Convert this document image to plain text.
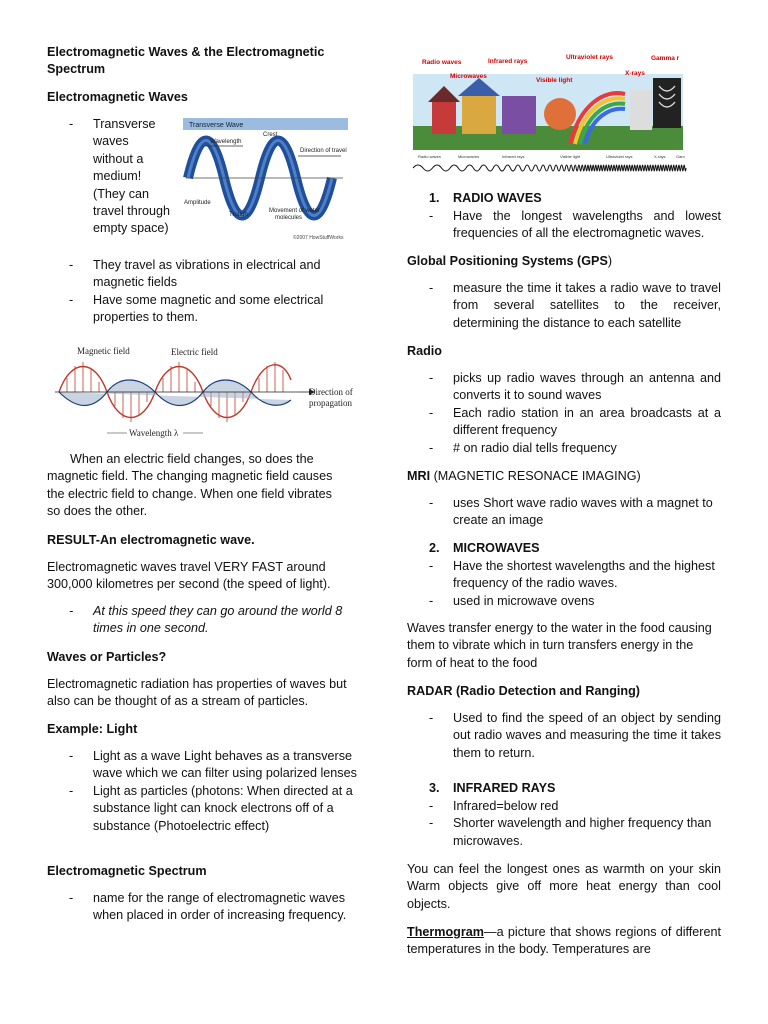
Electromagnetic Waves & the Electromagnetic Spectrum

Electromagnetic Waves

- Transverse waves without a medium! (They can travel through empty space)
- They travel as vibrations in electrical and magnetic fields
- Have some magnetic and some electrical properties to them.

When an electric field changes, so does the magnetic field. The changing magnetic field causes the electric field to change. When one field vibrates so does the other.

RESULT-An electromagnetic wave.

Electromagnetic waves travel VERY FAST around 300,000 kilometres per second (the speed of light).

- At this speed they can go around the world 8 times in one second.

Waves or Particles?

Electromagnetic radiation has properties of waves but also can be thought of as a stream of particles.

Example: Light

- Light as a wave Light behaves as a transverse wave which we can filter using polarized lenses
- Light as particles (photons: When directed at a substance light can knock electrons off of a substance (Photoelectric effect)

Electromagnetic Spectrum

- name for the range of electromagnetic waves when placed in order of increasing frequency.
Transverse Wave
Wavelength
Crest
Direction of travel
Amplitude
Trough
Movement of water
molecules
©2007 HowStuffWorks
Magnetic field	Electric field
Direction of
propagation
Wavelength λ
Radio waves	Infrared rays
Ultraviolet rays	Gamma r
Microwaves
Visible light
X-rays
Radio waves	Microwaves	Infrared rays	Visible light	Ultraviolet rays	X-rays	Gam
1. RADIO WAVES
- Have the longest wavelengths and lowest frequencies of all the electromagnetic waves.

Global Positioning Systems (GPS)

- measure the time it takes a radio wave to travel from several satellites to the receiver, determining the distance to each satellite

Radio

- picks up radio waves through an antenna and converts it to sound waves
- Each radio station in an area broadcasts at a different frequency
- # on radio dial tells frequency

MRI (MAGNETIC RESONACE IMAGING)

- uses Short wave radio waves with a magnet to create an image
2. MICROWAVES
- Have the shortest wavelengths and the highest frequency of the radio waves.
- used in microwave ovens

Waves transfer energy to the water in the food causing them to vibrate which in turn transfers energy in the form of heat to the food

RADAR (Radio Detection and Ranging)

- Used to find the speed of an object by sending out radio waves and measuring the time it takes them to return.
3. INFRARED RAYS
- Infrared=below red
- Shorter wavelength and higher frequency than microwaves.

You can feel the longest ones as warmth on your skin Warm objects give off more heat energy than cool objects.

Thermogram—a picture that shows regions of different temperatures in the body. Temperatures are
